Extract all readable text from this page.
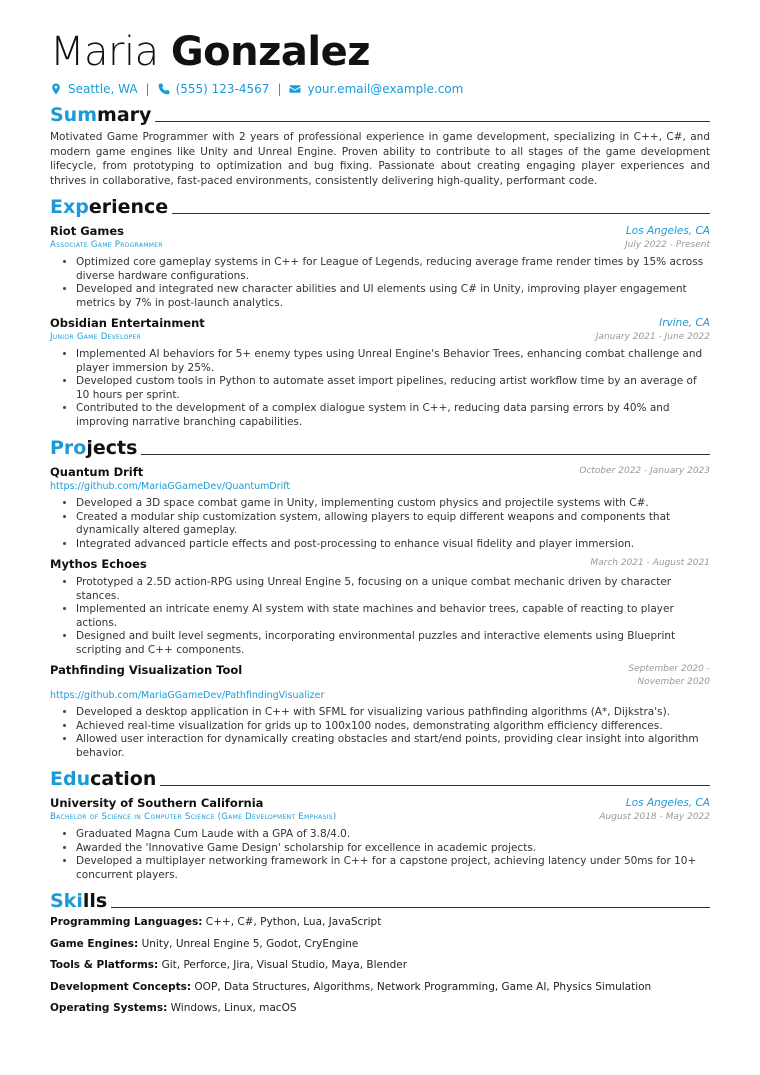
Maria Gonzalez
Seattle, WA | (555) 123-4567 | your.email@example.com
Summary
Motivated Game Programmer with 2 years of professional experience in game development, specializing in C++, C#, and modern game engines like Unity and Unreal Engine. Proven ability to contribute to all stages of the game development lifecycle, from prototyping to optimization and bug fixing. Passionate about creating engaging player experiences and thrives in collaborative, fast-paced environments, consistently delivering high-quality, performant code.
Experience
Riot Games	Los Angeles, CA
Associate Game Programmer	July 2022 - Present
• Optimized core gameplay systems in C++ for League of Legends, reducing average frame render times by 15% across diverse hardware configurations.
• Developed and integrated new character abilities and UI elements using C# in Unity, improving player engagement metrics by 7% in post-launch analytics.
Obsidian Entertainment	Irvine, CA
Junior Game Developer	January 2021 - June 2022
• Implemented AI behaviors for 5+ enemy types using Unreal Engine's Behavior Trees, enhancing combat challenge and player immersion by 25%.
• Developed custom tools in Python to automate asset import pipelines, reducing artist workflow time by an average of 10 hours per sprint.
• Contributed to the development of a complex dialogue system in C++, reducing data parsing errors by 40% and improving narrative branching capabilities.
Projects
Quantum Drift	October 2022 - January 2023
https://github.com/MariaGGameDev/QuantumDrift
• Developed a 3D space combat game in Unity, implementing custom physics and projectile systems with C#.
• Created a modular ship customization system, allowing players to equip different weapons and components that dynamically altered gameplay.
• Integrated advanced particle effects and post-processing to enhance visual fidelity and player immersion.
Mythos Echoes	March 2021 - August 2021
• Prototyped a 2.5D action-RPG using Unreal Engine 5, focusing on a unique combat mechanic driven by character stances.
• Implemented an intricate enemy AI system with state machines and behavior trees, capable of reacting to player actions.
• Designed and built level segments, incorporating environmental puzzles and interactive elements using Blueprint scripting and C++ components.
Pathfinding Visualization Tool	September 2020 - November 2020
https://github.com/MariaGGameDev/PathfindingVisualizer
• Developed a desktop application in C++ with SFML for visualizing various pathfinding algorithms (A*, Dijkstra's).
• Achieved real-time visualization for grids up to 100x100 nodes, demonstrating algorithm efficiency differences.
• Allowed user interaction for dynamically creating obstacles and start/end points, providing clear insight into algorithm behavior.
Education
University of Southern California	Los Angeles, CA
Bachelor of Science in Computer Science (Game Development Emphasis)	August 2018 - May 2022
• Graduated Magna Cum Laude with a GPA of 3.8/4.0.
• Awarded the 'Innovative Game Design' scholarship for excellence in academic projects.
• Developed a multiplayer networking framework in C++ for a capstone project, achieving latency under 50ms for 10+ concurrent players.
Skills
Programming Languages: C++, C#, Python, Lua, JavaScript
Game Engines: Unity, Unreal Engine 5, Godot, CryEngine
Tools & Platforms: Git, Perforce, Jira, Visual Studio, Maya, Blender
Development Concepts: OOP, Data Structures, Algorithms, Network Programming, Game AI, Physics Simulation
Operating Systems: Windows, Linux, macOS
